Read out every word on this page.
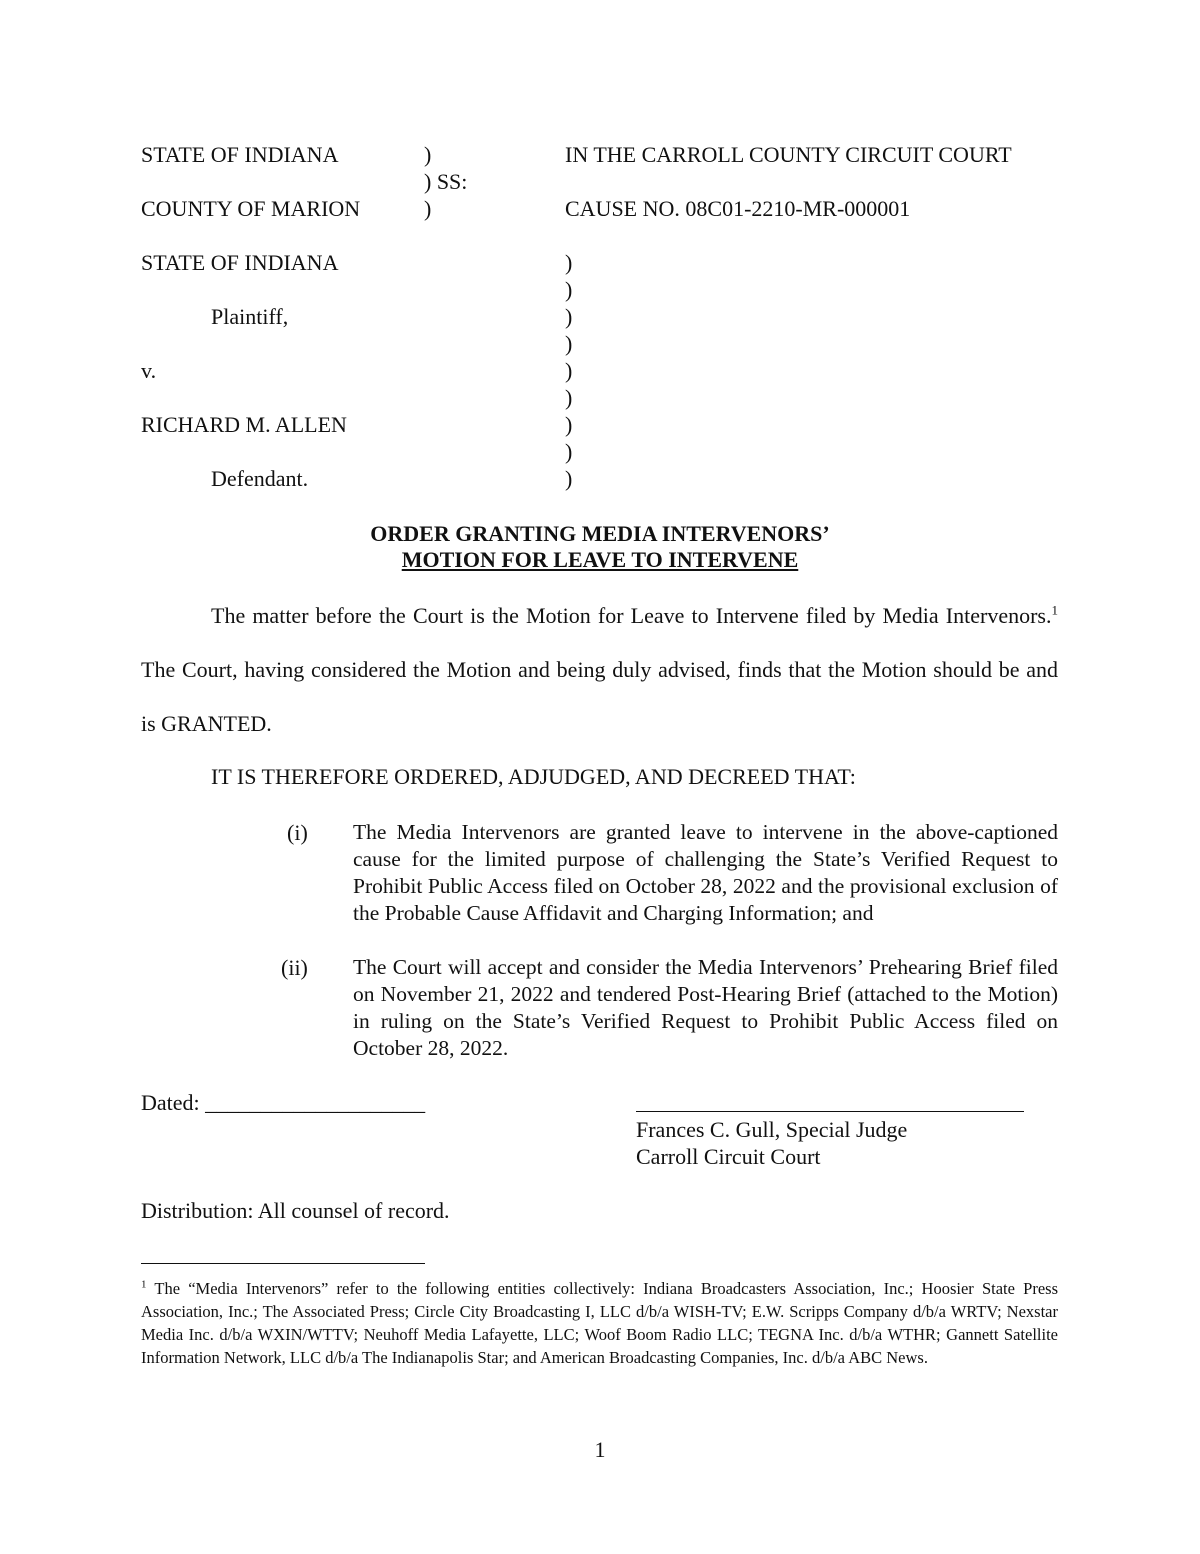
STATE OF INDIANA	)
) SS:
COUNTY OF MARION	)
IN THE CARROLL COUNTY CIRCUIT COURT
CAUSE NO. 08C01-2210-MR-000001
STATE OF INDIANA
Plaintiff,
v.
RICHARD M. ALLEN
Defendant.
)
)
)
)
)
)
)
)
)
ORDER GRANTING MEDIA INTERVENORS’
MOTION FOR LEAVE TO INTERVENE
The matter before the Court is the Motion for Leave to Intervene filed by Media Intervenors.$^1$ The Court, having considered the Motion and being duly advised, finds that the Motion should be and is GRANTED.
IT IS THEREFORE ORDERED, ADJUDGED, AND DECREED THAT:
(i) The Media Intervenors are granted leave to intervene in the above-captioned cause for the limited purpose of challenging the State’s Verified Request to Prohibit Public Access filed on October 28, 2022 and the provisional exclusion of the Probable Cause Affidavit and Charging Information; and
(ii) The Court will accept and consider the Media Intervenors’ Prehearing Brief filed on November 21, 2022 and tendered Post-Hearing Brief (attached to the Motion) in ruling on the State’s Verified Request to Prohibit Public Access filed on October 28, 2022.
Dated: ____________________
Frances C. Gull, Special Judge
Carroll Circuit Court
Distribution: All counsel of record.
$^1$ The “Media Intervenors” refer to the following entities collectively: Indiana Broadcasters Association, Inc.; Hoosier State Press Association, Inc.; The Associated Press; Circle City Broadcasting I, LLC d/b/a WISH-TV; E.W. Scripps Company d/b/a WRTV; Nexstar Media Inc. d/b/a WXIN/WTTV; Neuhoff Media Lafayette, LLC; Woof Boom Radio LLC; TEGNA Inc. d/b/a WTHR; Gannett Satellite Information Network, LLC d/b/a The Indianapolis Star; and American Broadcasting Companies, Inc. d/b/a ABC News.
1
